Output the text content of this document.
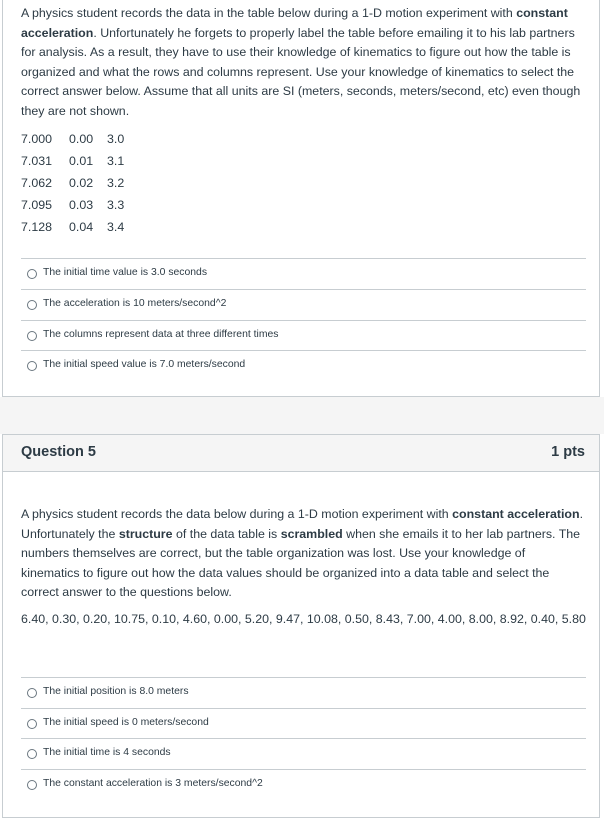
A physics student records the data in the table below during a 1-D motion experiment with constant acceleration. Unfortunately he forgets to properly label the table before emailing it to his lab partners for analysis. As a result, they have to use their knowledge of kinematics to figure out how the table is organized and what the rows and columns represent. Use your knowledge of kinematics to select the correct answer below. Assume that all units are SI (meters, seconds, meters/second, etc) even though they are not shown.

7.000 0.00 3.0
7.031 0.01 3.1
7.062 0.02 3.2
7.095 0.03 3.3
7.128 0.04 3.4
The initial time value is 3.0 seconds
The acceleration is 10 meters/second^2
The columns represent data at three different times
The initial speed value is 7.0 meters/second
Question 5	1 pts

A physics student records the data below during a 1-D motion experiment with constant acceleration. Unfortunately the structure of the data table is scrambled when she emails it to her lab partners. The numbers themselves are correct, but the table organization was lost. Use your knowledge of kinematics to figure out how the data values should be organized into a data table and select the correct answer to the questions below.

6.40, 0.30, 0.20, 10.75, 0.10, 4.60, 0.00, 5.20, 9.47, 10.08, 0.50, 8.43, 7.00, 4.00, 8.00, 8.92, 0.40, 5.80

The initial position is 8.0 meters
The initial speed is 0 meters/second
The initial time is 4 seconds
The constant acceleration is 3 meters/second^2
